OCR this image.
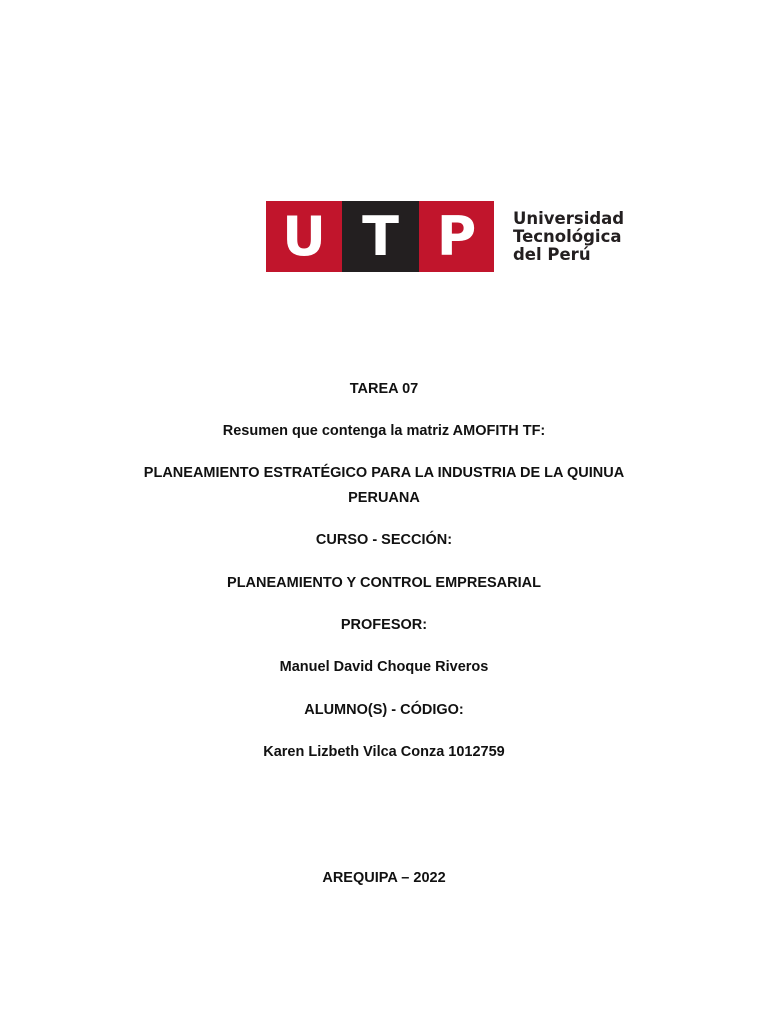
U T P Universidad
Tecnológica
del Perú
TAREA 07
Resumen que contenga la matriz AMOFITH TF:
PLANEAMIENTO ESTRATÉGICO PARA LA INDUSTRIA DE LA QUINUA
PERUANA
CURSO - SECCIÓN:
PLANEAMIENTO Y CONTROL EMPRESARIAL
PROFESOR:
Manuel David Choque Riveros
ALUMNO(S) - CÓDIGO:
Karen Lizbeth Vilca Conza 1012759
AREQUIPA – 2022
